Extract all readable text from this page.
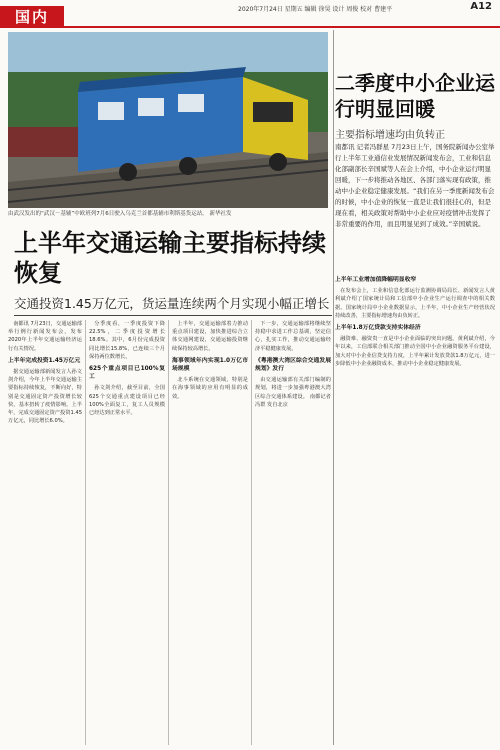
国内	2020年7月24日 星期五 编辑 徐昊 设计 周俊 校对 曹建平	A12
由武汉发出的“武汉－基辅”中欧班列7月6日驶入乌克兰首都基辅市利斯基货运站。 新华社发
二季度中小企业运行明显回暖
主要指标增速均由负转正
南都讯 记者冯群星 7月23日上午，国务院新闻办公室举行上半年工业通信业发展情况新闻发布会，工业和信息化部副部长辛国斌等人在会上介绍，中小企业运行明显回暖，下一步将推动各地区、各部门落实现有政策，推动中小企业稳定健康发展。“我们在另一季度新闻发布会的时候，中小企业的恢复一直是让我们很挂心的，但是现在看，相关政策对帮助中小企业应对疫情冲击发挥了非常重要的作用，而且明显见到了成效。”辛国斌说。

上半年工业增加值降幅明显收窄

在发布会上，工业和信息化部运行监测协调局局长、新闻发言人黄利斌介绍了国家统计局和工信部中小企业生产运行调查中的相关数据。国家统计局中小企业数据显示，上半年，中小企业生产经营状况持续改善，主要指标增速均由负转正。

上半年1.8万亿贷款支持实体经济

融资难、融资贵一直是中小企业面临的突出问题。黄利斌介绍，今年以来，工信部联合相关部门推动全国中小企业融资服务平台建设，加大对中小企业信贷支持力度，上半年累计发放贷款1.8万亿元，进一步降低中小企业融资成本，推动中小企业稳定健康发展。

上半年交通运输主要指标持续恢复
交通投资1.45万亿元，货运量连续两个月实现小幅正增长

南都讯 7月23日，交通运输部举行例行新闻发布会，发布2020年上半年交通运输经济运行有关情况。

上半年完成投资1.45万亿元

据交通运输部新闻发言人孙文剑介绍，今年上半年交通运输主要指标持续恢复，不断向好，特别是交通固定资产投资增长较快，基本扭转了疫情影响。上半年，完成交通固定资产投资1.45万亿元，同比增长6.0%。

分季度看，一季度投资下降22.5%，二季度投资增长18.6%。其中，6月份完成投资同比增长15.8%，已连续三个月保持两位数增长。

625个重点项目已100%复工

孙文剑介绍，截至目前，全国625个交通重点建设项目已经100%全面复工，复工人员规模已经达到正常水平。

上半年，交通运输部着力推动重点项目建设，加快推进综合立体交通网建设，交通运输投资继续保持较高增长。

海事领域年内实现1.0万亿市场规模

北斗系统在交通领域，特别是在海事领域的应用有明显的成效。

下一步，交通运输部将继续坚持稳中求进工作总基调，坚定信心，扎实工作，推动交通运输经济平稳健康发展。

《粤港澳大湾区综合交通发展规划》发行

由交通运输部有关部门编制的规划，将进一步加强粤港澳大湾区综合交通体系建设。 南都记者 冯群 发自北京
